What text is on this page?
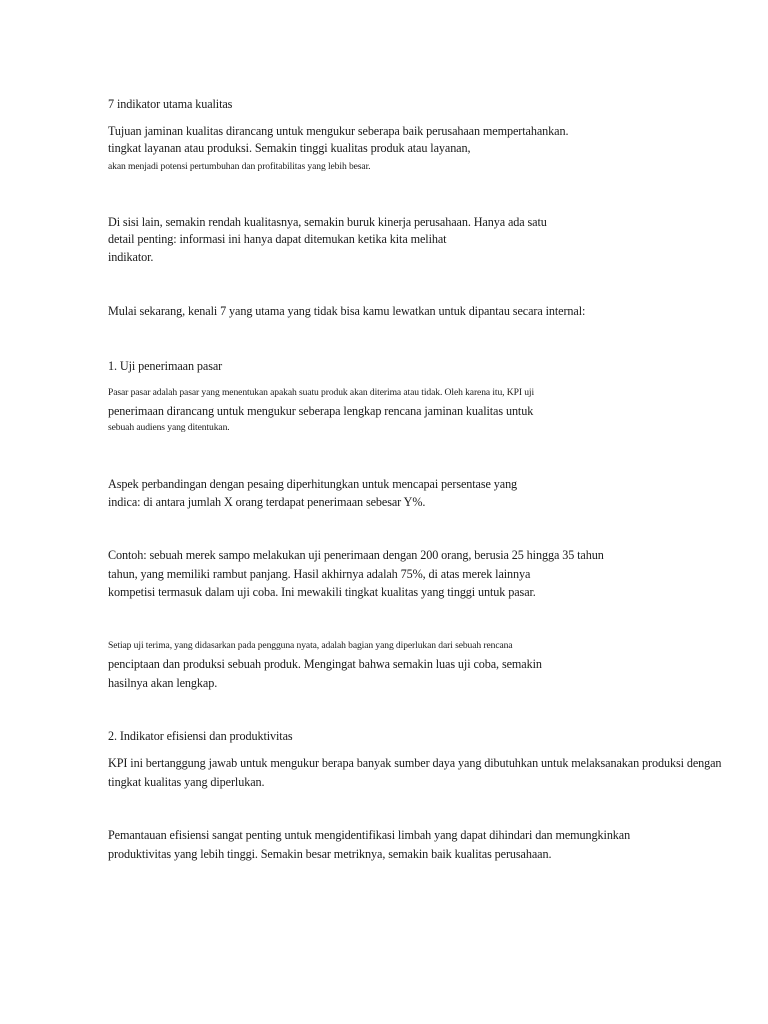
7 indikator utama kualitas
Tujuan jaminan kualitas dirancang untuk mengukur seberapa baik perusahaan mempertahankan.
tingkat layanan atau produksi. Semakin tinggi kualitas produk atau layanan,
akan menjadi potensi pertumbuhan dan profitabilitas yang lebih besar.
Di sisi lain, semakin rendah kualitasnya, semakin buruk kinerja perusahaan. Hanya ada satu
detail penting: informasi ini hanya dapat ditemukan ketika kita melihat
indikator.
Mulai sekarang, kenali 7 yang utama yang tidak bisa kamu lewatkan untuk dipantau secara internal:
1. Uji penerimaan pasar
Pasar pasar adalah pasar yang menentukan apakah suatu produk akan diterima atau tidak. Oleh karena itu, KPI uji
penerimaan dirancang untuk mengukur seberapa lengkap rencana jaminan kualitas untuk
sebuah audiens yang ditentukan.
Aspek perbandingan dengan pesaing diperhitungkan untuk mencapai persentase yang
indica: di antara jumlah X orang terdapat penerimaan sebesar Y%.
Contoh: sebuah merek sampo melakukan uji penerimaan dengan 200 orang, berusia 25 hingga 35 tahun
tahun, yang memiliki rambut panjang. Hasil akhirnya adalah 75%, di atas merek lainnya
kompetisi termasuk dalam uji coba. Ini mewakili tingkat kualitas yang tinggi untuk pasar.
Setiap uji terima, yang didasarkan pada pengguna nyata, adalah bagian yang diperlukan dari sebuah rencana
penciptaan dan produksi sebuah produk. Mengingat bahwa semakin luas uji coba, semakin
hasilnya akan lengkap.
2. Indikator efisiensi dan produktivitas
KPI ini bertanggung jawab untuk mengukur berapa banyak sumber daya yang dibutuhkan untuk melaksanakan produksi dengan
tingkat kualitas yang diperlukan.
Pemantauan efisiensi sangat penting untuk mengidentifikasi limbah yang dapat dihindari dan memungkinkan
produktivitas yang lebih tinggi. Semakin besar metriknya, semakin baik kualitas perusahaan.
